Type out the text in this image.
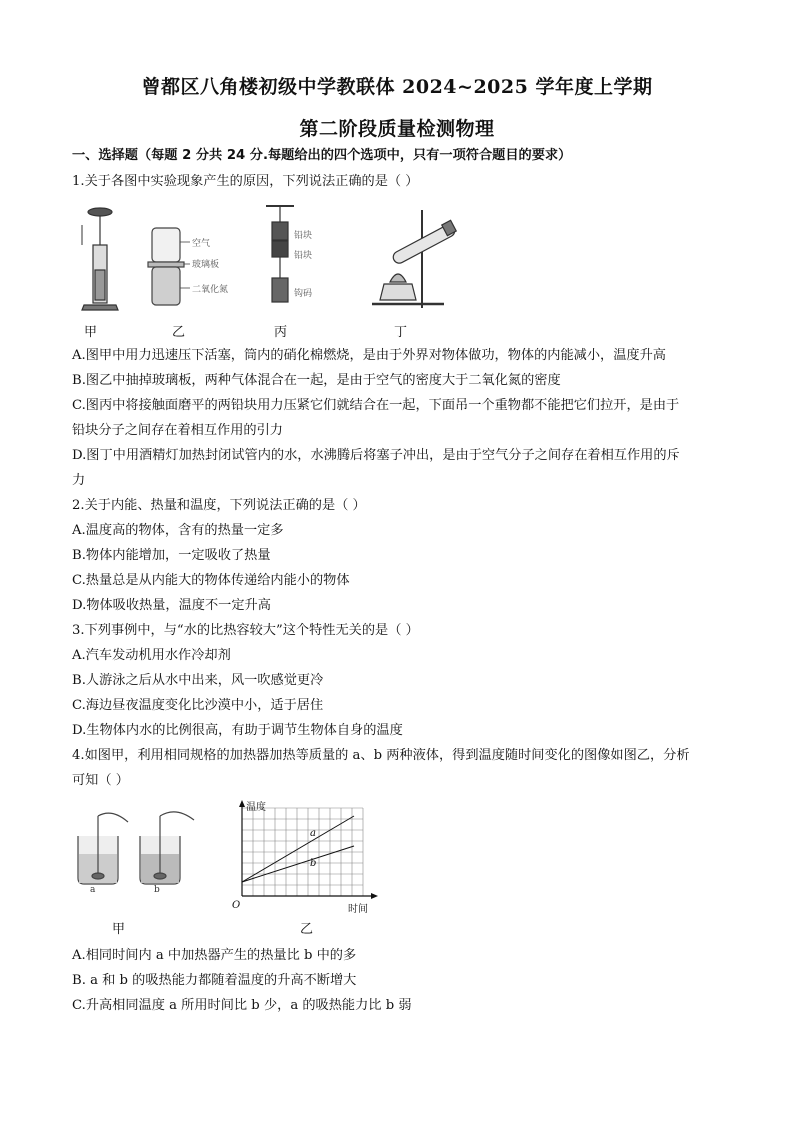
曾都区八角楼初级中学教联体 2024~2025 学年度上学期
第二阶段质量检测物理
一、选择题（每题 2 分共 24 分.每题给出的四个选项中，只有一项符合题目的要求）
1.关于各图中实验现象产生的原因，下列说法正确的是（ ）
空气
玻璃板
二氧化氮
铅块
铅块
钩码
甲	乙	丙	丁
A.图甲中用力迅速压下活塞，筒内的硝化棉燃烧，是由于外界对物体做功，物体的内能减小，温度升高
B.图乙中抽掉玻璃板，两种气体混合在一起，是由于空气的密度大于二氧化氮的密度
C.图丙中将接触面磨平的两铅块用力压紧它们就结合在一起，下面吊一个重物都不能把它们拉开，是由于
铅块分子之间存在着相互作用的引力
D.图丁中用酒精灯加热封闭试管内的水，水沸腾后将塞子冲出，是由于空气分子之间存在着相互作用的斥
力
2.关于内能、热量和温度，下列说法正确的是（ ）
A.温度高的物体，含有的热量一定多
B.物体内能增加，一定吸收了热量
C.热量总是从内能大的物体传递给内能小的物体
D.物体吸收热量，温度不一定升高
3.下列事例中，与“水的比热容较大”这个特性无关的是（ ）
A.汽车发动机用水作冷却剂
B.人游泳之后从水中出来，风一吹感觉更冷
C.海边昼夜温度变化比沙漠中小，适于居住
D.生物体内水的比例很高，有助于调节生物体自身的温度
4.如图甲，利用相同规格的加热器加热等质量的 a、b 两种液体，得到温度随时间变化的图像如图乙，分析
可知（ ）
a	b
甲
温度
时间
O
a
b
乙
A.相同时间内 a 中加热器产生的热量比 b 中的多
B. a 和 b 的吸热能力都随着温度的升高不断增大
C.升高相同温度 a 所用时间比 b 少，a 的吸热能力比 b 弱
